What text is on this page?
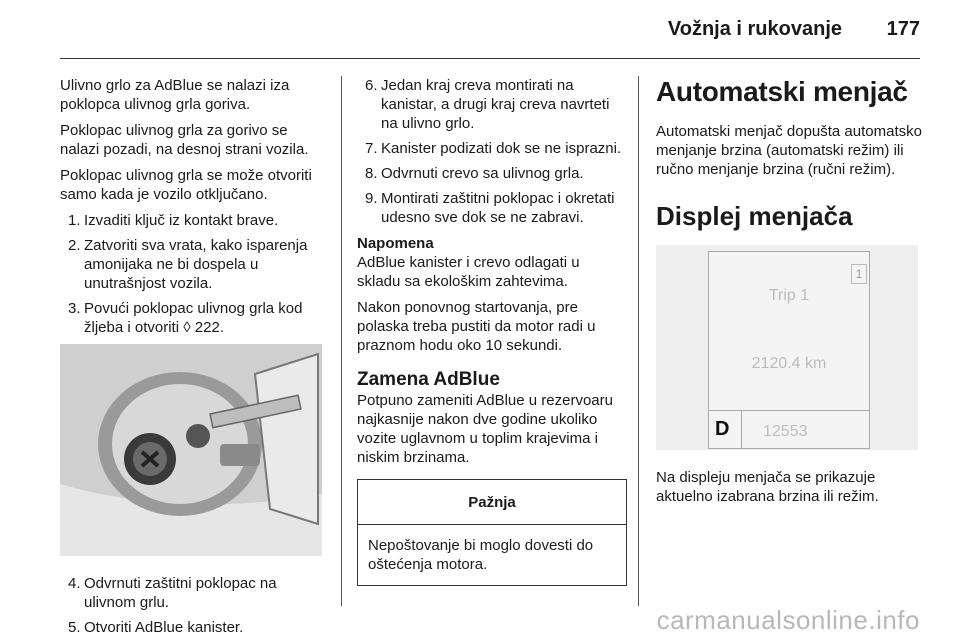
Vožnja i rukovanje 177

Ulivno grlo za AdBlue se nalazi iza poklopca ulivnog grla goriva.

Poklopac ulivnog grla za gorivo se nalazi pozadi, na desnoj strani vozila.

Poklopac ulivnog grla se može otvoriti samo kada je vozilo otključano.

1. Izvaditi ključ iz kontakt brave.
2. Zatvoriti sva vrata, kako isparenja amonijaka ne bi dospela u unutrašnjost vozila.
3. Povući poklopac ulivnog grla kod žljeba i otvoriti ◊ 222.
4. Odvrnuti zaštitni poklopac na ulivnom grlu.
5. Otvoriti AdBlue kanister.
6. Jedan kraj creva montirati na kanistar, a drugi kraj creva navrteti na ulivno grlo.
7. Kanister podizati dok se ne isprazni.
8. Odvrnuti crevo sa ulivnog grla.
9. Montirati zaštitni poklopac i okretati udesno sve dok se ne zabravi.

Napomena

AdBlue kanister i crevo odlagati u skladu sa ekološkim zahtevima.

Nakon ponovnog startovanja, pre polaska treba pustiti da motor radi u praznom hodu oko 10 sekundi.

Zamena AdBlue

Potpuno zameniti AdBlue u rezervoaru najkasnije nakon dve godine ukoliko vozite uglavnom u toplim krajevima i niskim brzinama.

Pažnja
Nepoštovanje bi moglo dovesti do oštećenja motora.
Automatski menjač

Automatski menjač dopušta automatsko menjanje brzina (automatski režim) ili ručno menjanje brzina (ručni režim).

Displej menjača
1
Trip 1
2120.4 km
D 12553

Na displeju menjača se prikazuje aktuelno izabrana brzina ili režim.

carmanualsonline.info
